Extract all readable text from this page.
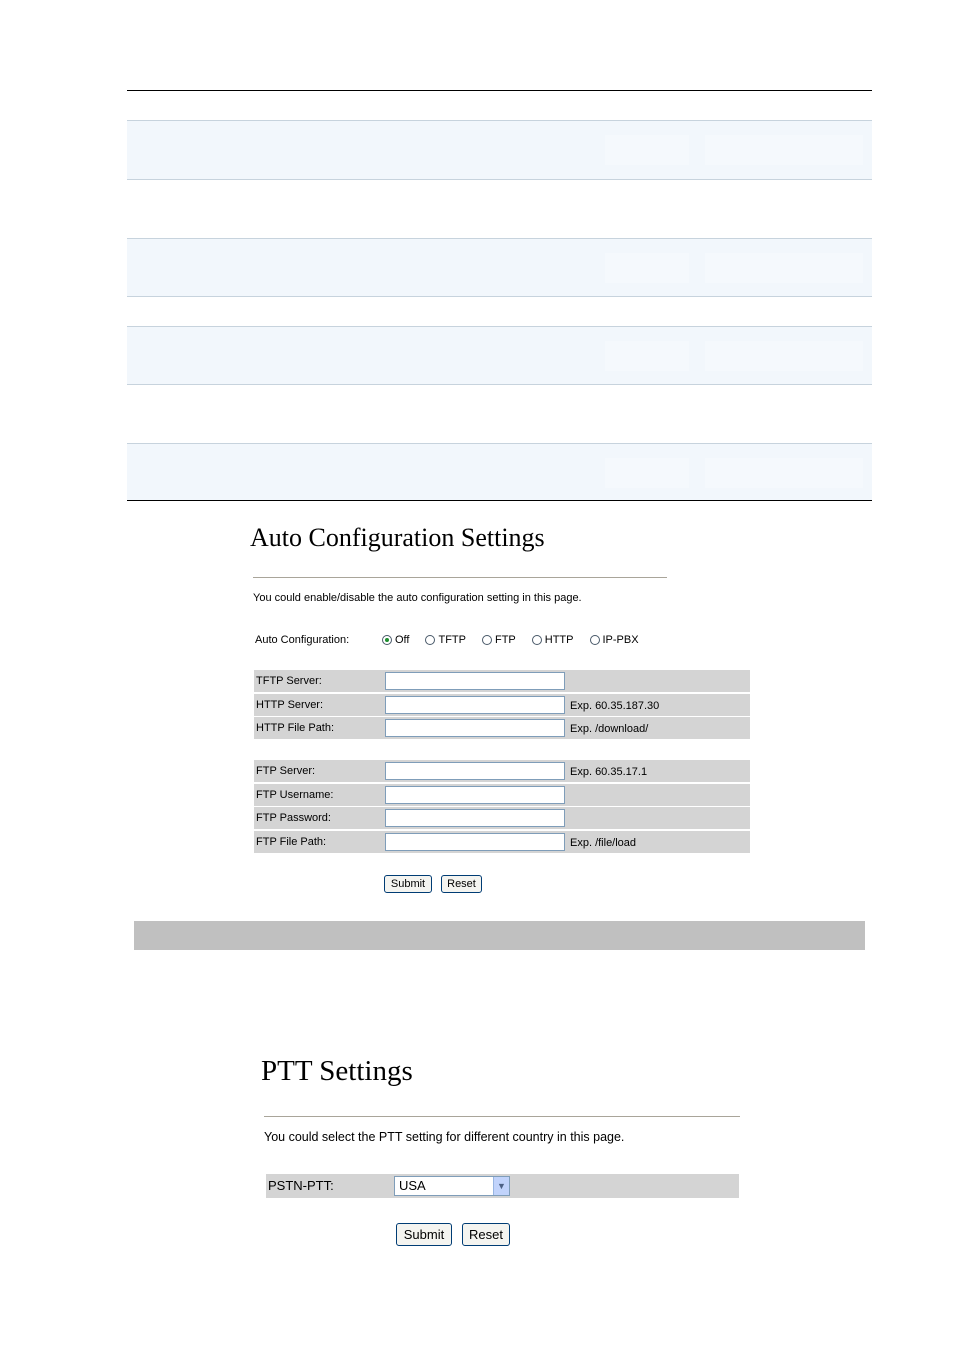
Auto Configuration Settings
You could enable/disable the auto configuration setting in this page.
Auto Configuration:	Off	TFTP	FTP	HTTP	IP-PBX
TFTP Server:
HTTP Server:	Exp. 60.35.187.30
HTTP File Path:	Exp. /download/
FTP Server:	Exp. 60.35.17.1
FTP Username:
FTP Password:
FTP File Path:	Exp. /file/load
Submit	Reset
PTT Settings
You could select the PTT setting for different country in this page.
PSTN-PTT:	USA	▼
Submit	Reset
